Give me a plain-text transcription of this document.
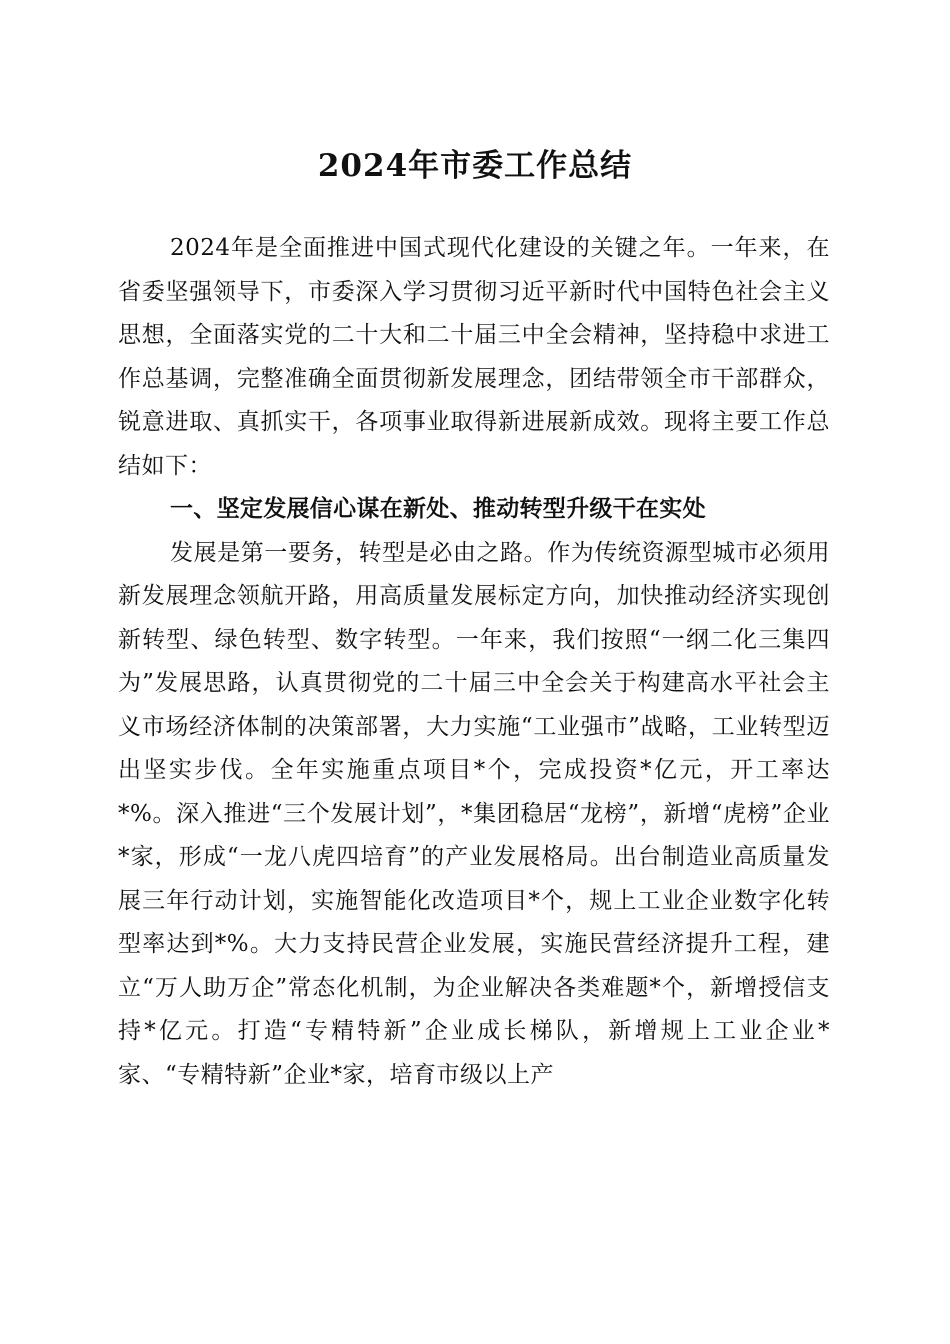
2024年市委工作总结

2024年是全面推进中国式现代化建设的关键之年。一年来，在省委坚强领导下，市委深入学习贯彻习近平新时代中国特色社会主义思想，全面落实党的二十大和二十届三中全会精神，坚持稳中求进工作总基调，完整准确全面贯彻新发展理念，团结带领全市干部群众，锐意进取、真抓实干，各项事业取得新进展新成效。现将主要工作总结如下：

一、坚定发展信心谋在新处、推动转型升级干在实处

发展是第一要务，转型是必由之路。作为传统资源型城市必须用新发展理念领航开路，用高质量发展标定方向，加快推动经济实现创新转型、绿色转型、数字转型。一年来，我们按照“一纲二化三集四为”发展思路，认真贯彻党的二十届三中全会关于构建高水平社会主义市场经济体制的决策部署，大力实施“工业强市”战略，工业转型迈出坚实步伐。全年实施重点项目*个，完成投资*亿元，开工率达*%。深入推进“三个发展计划”，*集团稳居“龙榜”，新增“虎榜”企业*家，形成“一龙八虎四培育”的产业发展格局。出台制造业高质量发展三年行动计划，实施智能化改造项目*个，规上工业企业数字化转型率达到*%。大力支持民营企业发展，实施民营经济提升工程，建立“万人助万企”常态化机制，为企业解决各类难题*个，新增授信支持*亿元。打造“专精特新”企业成长梯队，新增规上工业企业*家、“专精特新”企业*家，培育市级以上产
